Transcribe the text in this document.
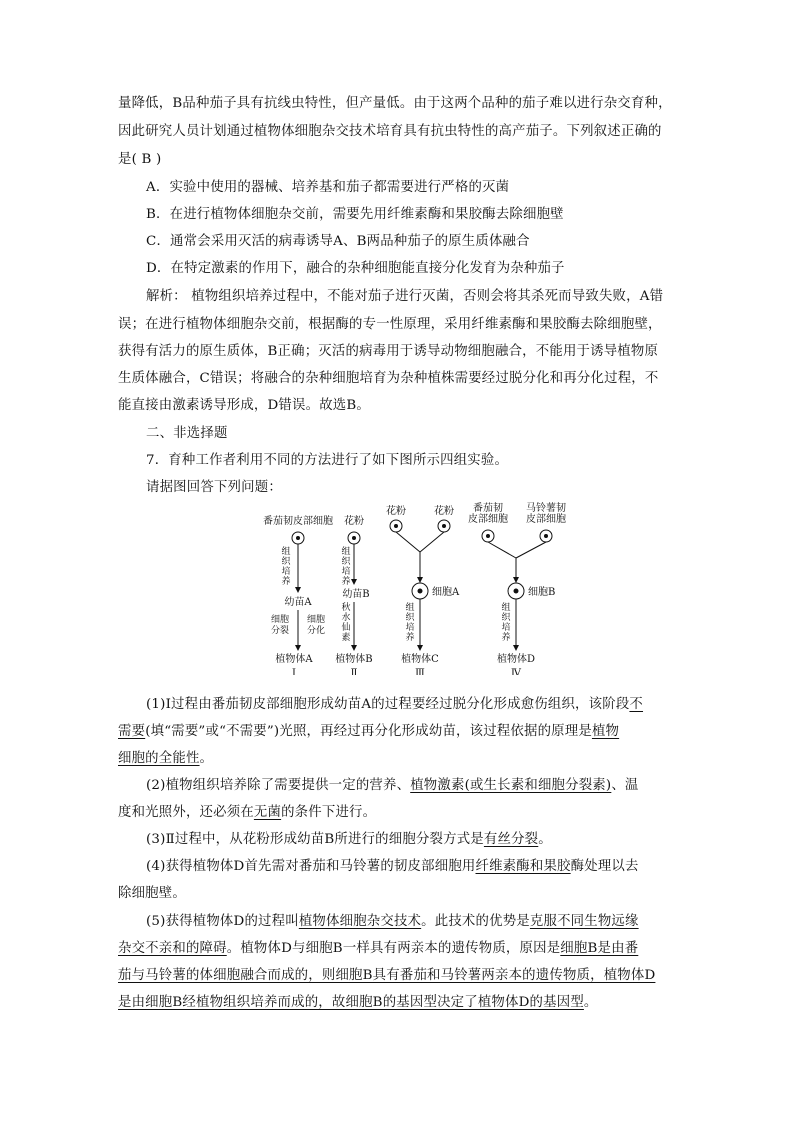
量降低，B品种茄子具有抗线虫特性，但产量低。由于这两个品种的茄子难以进行杂交育种，
因此研究人员计划通过植物体细胞杂交技术培育具有抗虫特性的高产茄子。下列叙述正确的
是( B )
A．实验中使用的器械、培养基和茄子都需要进行严格的灭菌
B．在进行植物体细胞杂交前，需要先用纤维素酶和果胶酶去除细胞壁
C．通常会采用灭活的病毒诱导A、B两品种茄子的原生质体融合
D．在特定激素的作用下，融合的杂种细胞能直接分化发育为杂种茄子
解析： 植物组织培养过程中，不能对茄子进行灭菌，否则会将其杀死而导致失败，A错
误；在进行植物体细胞杂交前，根据酶的专一性原理，采用纤维素酶和果胶酶去除细胞壁，
获得有活力的原生质体，B正确；灭活的病毒用于诱导动物细胞融合，不能用于诱导植物原
生质体融合，C错误；将融合的杂种细胞培育为杂种植株需要经过脱分化和再分化过程，不
能直接由激素诱导形成，D错误。故选B。
二、非选择题
7．育种工作者利用不同的方法进行了如下图所示四组实验。
请据图回答下列问题：
番茄韧皮部细胞
组织培养
幼苗A
细胞分裂
细胞分化
植物体A
Ⅰ
花粉
组织培养
幼苗B
秋水仙素
植物体B
Ⅱ
花粉	花粉
细胞A
组织培养
植物体C
Ⅲ
番茄韧
皮部细胞
马铃薯韧
皮部细胞
细胞B
组织培养
植物体D
Ⅳ
(1)Ⅰ过程由番茄韧皮部细胞形成幼苗A的过程要经过脱分化形成愈伤组织，该阶段不
需要(填“需要”或“不需要”)光照，再经过再分化形成幼苗，该过程依据的原理是植物
细胞的全能性。
(2)植物组织培养除了需要提供一定的营养、植物激素(或生长素和细胞分裂素)、温
度和光照外，还必须在无菌的条件下进行。
(3)Ⅱ过程中，从花粉形成幼苗B所进行的细胞分裂方式是有丝分裂。
(4)获得植物体D首先需对番茄和马铃薯的韧皮部细胞用纤维素酶和果胶酶处理以去
除细胞壁。
(5)获得植物体D的过程叫植物体细胞杂交技术。此技术的优势是克服不同生物远缘
杂交不亲和的障碍。植物体D与细胞B一样具有两亲本的遗传物质，原因是细胞B是由番
茄与马铃薯的体细胞融合而成的，则细胞B具有番茄和马铃薯两亲本的遗传物质，植物体D
是由细胞B经植物组织培养而成的，故细胞B的基因型决定了植物体D的基因型。
